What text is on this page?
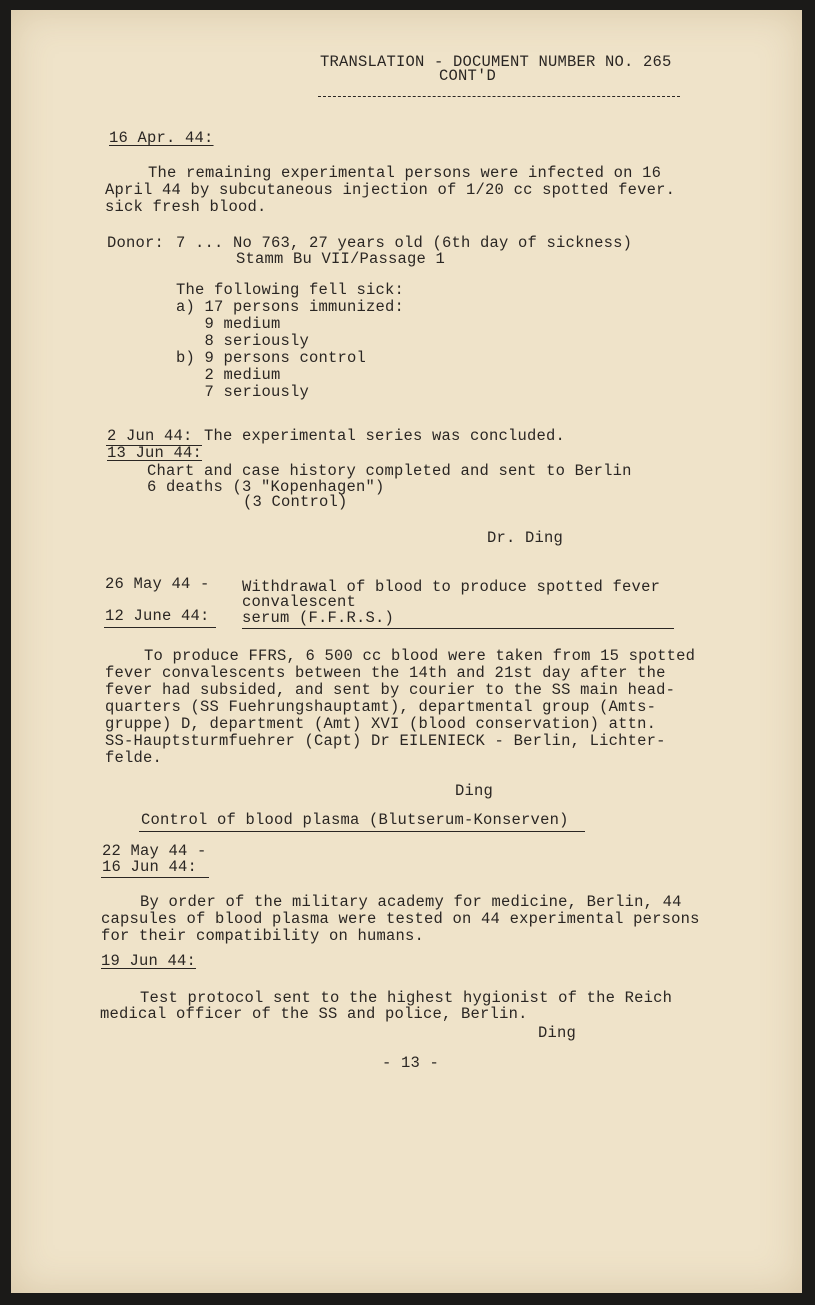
TRANSLATION - DOCUMENT NUMBER NO. 265
CONT'D
16 Apr. 44:
The remaining experimental persons were infected on 16
April 44 by subcutaneous injection of 1/20 cc spotted fever.
sick fresh blood.
Donor: 7 ... No 763, 27 years old (6th day of sickness)
Stamm Bu VII/Passage 1
The following fell sick:
a) 17 persons immunized:
9 medium
8 seriously
b) 9 persons control
2 medium
7 seriously
2 Jun 44: The experimental series was concluded.
13 Jun 44:
Chart and case history completed and sent to Berlin
6 deaths (3 "Kopenhagen")
(3 Control)
Dr. Ding
26 May 44 -
12 June 44:
Withdrawal of blood to produce spotted fever
convalescent
serum (F.F.R.S.)
To produce FFRS, 6 500 cc blood were taken from 15 spotted
fever convalescents between the 14th and 21st day after the
fever had subsided, and sent by courier to the SS main head-
quarters (SS Fuehrungshauptamt), departmental group (Amts-
gruppe) D, department (Amt) XVI (blood conservation) attn.
SS-Hauptsturmfuehrer (Capt) Dr EILENIECK - Berlin, Lichter-
felde.
Ding
Control of blood plasma (Blutserum-Konserven)
22 May 44 -
16 Jun 44:
By order of the military academy for medicine, Berlin, 44
capsules of blood plasma were tested on 44 experimental persons
for their compatibility on humans.
19 Jun 44:
Test protocol sent to the highest hygionist of the Reich
medical officer of the SS and police, Berlin.
Ding
- 13 -
